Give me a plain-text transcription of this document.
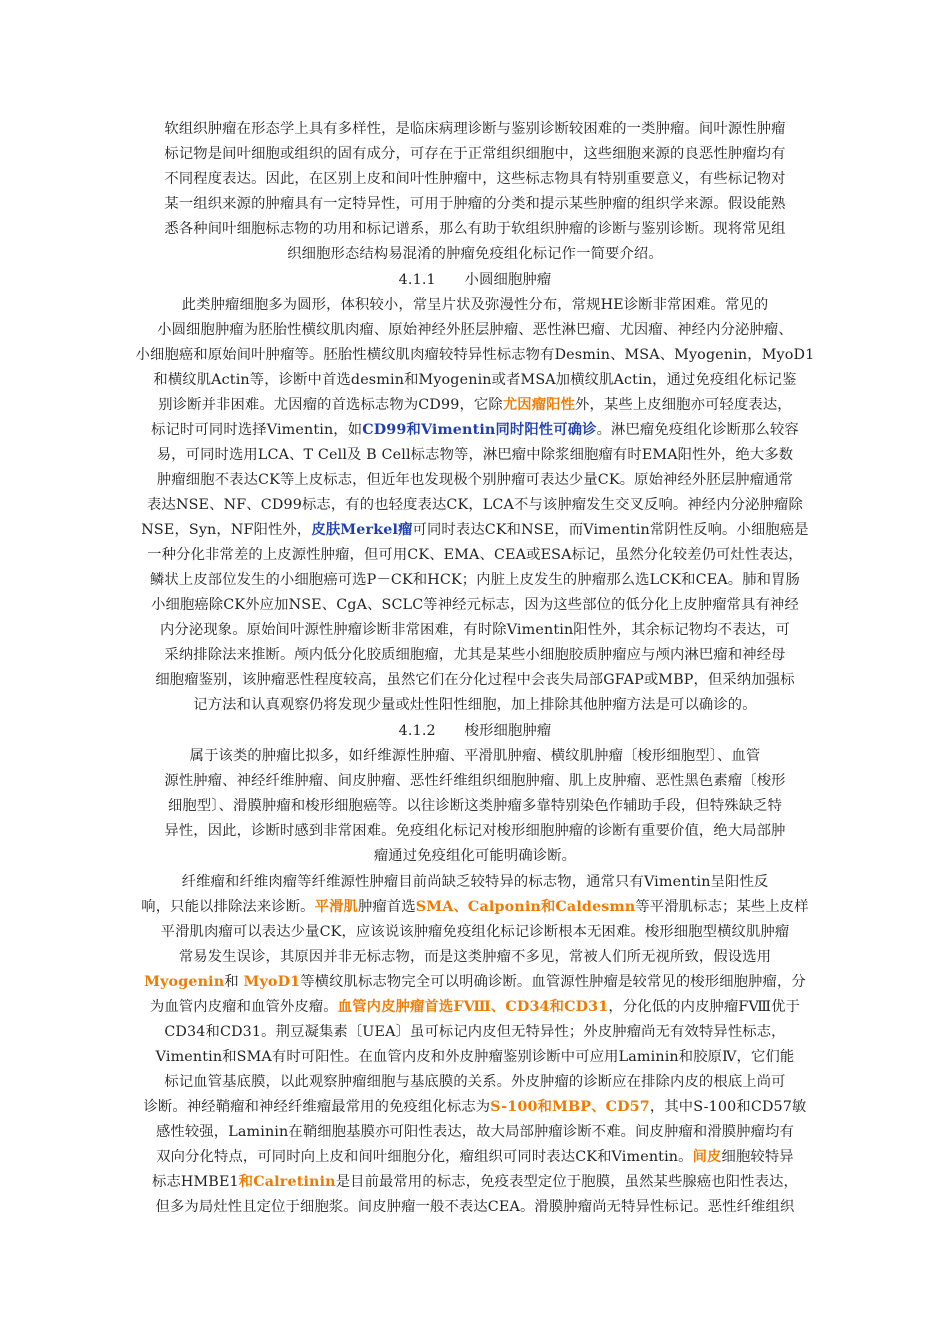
软组织肿瘤在形态学上具有多样性，是临床病理诊断与鉴别诊断较困难的一类肿瘤。间叶源性肿瘤
标记物是间叶细胞或组织的固有成分，可存在于正常组织细胞中，这些细胞来源的良恶性肿瘤均有
不同程度表达。因此，在区别上皮和间叶性肿瘤中，这些标志物具有特别重要意义，有些标记物对
某一组织来源的肿瘤具有一定特异性，可用于肿瘤的分类和提示某些肿瘤的组织学来源。假设能熟
悉各种间叶细胞标志物的功用和标记谱系，那么有助于软组织肿瘤的诊断与鉴别诊断。现将常见组
织细胞形态结构易混淆的肿瘤免疫组化标记作一简要介绍。
4.1.1　　小圆细胞肿瘤
此类肿瘤细胞多为圆形，体积较小，常呈片状及弥漫性分布，常规HE诊断非常困难。常见的
小圆细胞肿瘤为胚胎性横纹肌肉瘤、原始神经外胚层肿瘤、恶性淋巴瘤、尤因瘤、神经内分泌肿瘤、
小细胞癌和原始间叶肿瘤等。胚胎性横纹肌肉瘤较特异性标志物有Desmin、MSA、Myogenin，MyoD1
和横纹肌Actin等，诊断中首选desmin和Myogenin或者MSA加横纹肌Actin，通过免疫组化标记鉴
别诊断并非困难。尤因瘤的首选标志物为CD99，它除尤因瘤阳性外，某些上皮细胞亦可轻度表达，
标记时可同时选择Vimentin，如CD99和Vimentin同时阳性可确诊。淋巴瘤免疫组化诊断那么较容
易，可同时选用LCA、T Cell及 B Cell标志物等，淋巴瘤中除浆细胞瘤有时EMA阳性外，绝大多数
肿瘤细胞不表达CK等上皮标志，但近年也发现极个别肿瘤可表达少量CK。原始神经外胚层肿瘤通常
表达NSE、NF、CD99标志，有的也轻度表达CK，LCA不与该肿瘤发生交叉反响。神经内分泌肿瘤除
NSE，Syn，NF阳性外，皮肤Merkel瘤可同时表达CK和NSE，而Vimentin常阴性反响。小细胞癌是
一种分化非常差的上皮源性肿瘤，但可用CK、EMA、CEA或ESA标记，虽然分化较差仍可灶性表达，
鳞状上皮部位发生的小细胞癌可选P－CK和HCK；内脏上皮发生的肿瘤那么选LCK和CEA。肺和胃肠
小细胞癌除CK外应加NSE、CgA、SCLC等神经元标志，因为这些部位的低分化上皮肿瘤常具有神经
内分泌现象。原始间叶源性肿瘤诊断非常困难，有时除Vimentin阳性外，其余标记物均不表达，可
采纳排除法来推断。颅内低分化胶质细胞瘤，尤其是某些小细胞胶质肿瘤应与颅内淋巴瘤和神经母
细胞瘤鉴别，该肿瘤恶性程度较高，虽然它们在分化过程中会丧失局部GFAP或MBP，但采纳加强标
记方法和认真观察仍将发现少量或灶性阳性细胞，加上排除其他肿瘤方法是可以确诊的。
4.1.2　　梭形细胞肿瘤
属于该类的肿瘤比拟多，如纤维源性肿瘤、平滑肌肿瘤、横纹肌肿瘤〔梭形细胞型〕、血管
源性肿瘤、神经纤维肿瘤、间皮肿瘤、恶性纤维组织细胞肿瘤、肌上皮肿瘤、恶性黑色素瘤〔梭形
细胞型〕、滑膜肿瘤和梭形细胞癌等。以往诊断这类肿瘤多靠特别染色作辅助手段，但特殊缺乏特
异性，因此，诊断时感到非常困难。免疫组化标记对梭形细胞肿瘤的诊断有重要价值，绝大局部肿
瘤通过免疫组化可能明确诊断。
纤维瘤和纤维肉瘤等纤维源性肿瘤目前尚缺乏较特异的标志物，通常只有Vimentin呈阳性反
响，只能以排除法来诊断。平滑肌肿瘤首选SMA、Calponin和Caldesmn等平滑肌标志；某些上皮样
平滑肌肉瘤可以表达少量CK，应该说该肿瘤免疫组化标记诊断根本无困难。梭形细胞型横纹肌肿瘤
常易发生误诊，其原因并非无标志物，而是这类肿瘤不多见，常被人们所无视所致，假设选用
Myogenin和 MyoD1等横纹肌标志物完全可以明确诊断。血管源性肿瘤是较常见的梭形细胞肿瘤，分
为血管内皮瘤和血管外皮瘤。血管内皮肿瘤首选FⅧ、CD34和CD31，分化低的内皮肿瘤FⅧ优于
CD34和CD31。荆豆凝集素〔UEA〕虽可标记内皮但无特异性；外皮肿瘤尚无有效特异性标志，
Vimentin和SMA有时可阳性。在血管内皮和外皮肿瘤鉴别诊断中可应用Laminin和胶原Ⅳ，它们能
标记血管基底膜，以此观察肿瘤细胞与基底膜的关系。外皮肿瘤的诊断应在排除内皮的根底上尚可
诊断。神经鞘瘤和神经纤维瘤最常用的免疫组化标志为S-100和MBP、CD57，其中S-100和CD57敏
感性较强，Laminin在鞘细胞基膜亦可阳性表达，故大局部肿瘤诊断不难。间皮肿瘤和滑膜肿瘤均有
双向分化特点，可同时向上皮和间叶细胞分化，瘤组织可同时表达CK和Vimentin。间皮细胞较特异
标志HMBE1和Calretinin是目前最常用的标志，免疫表型定位于胞膜，虽然某些腺癌也阳性表达，
但多为局灶性且定位于细胞浆。间皮肿瘤一般不表达CEA。滑膜肿瘤尚无特异性标记。恶性纤维组织
